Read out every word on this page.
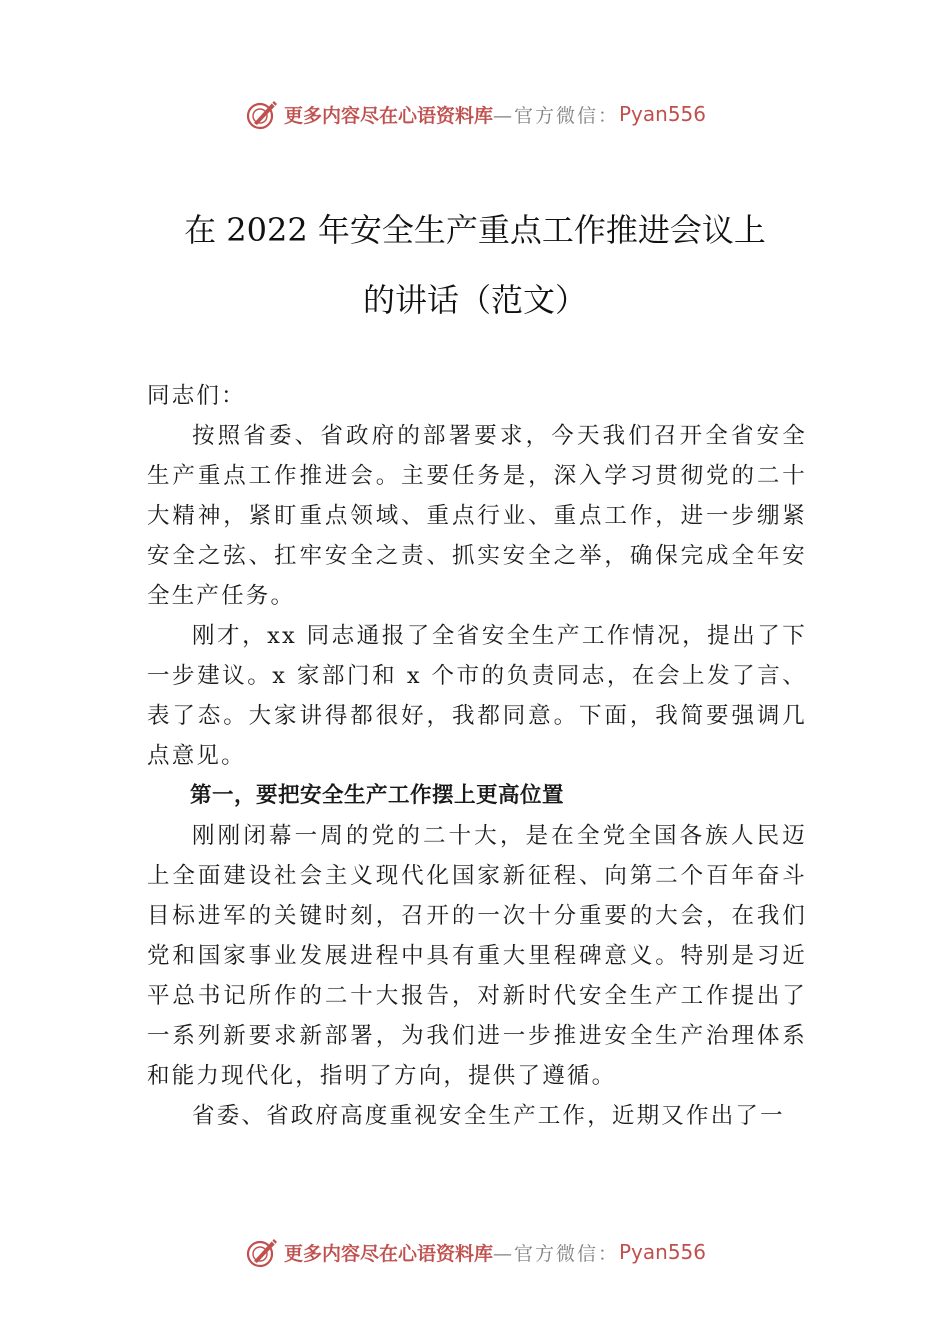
更多内容尽在心语资料库 —官方微信： Pyan556
在 2022 年安全生产重点工作推进会议上
的讲话（范文）

同志们：

按照省委、省政府的部署要求，今天我们召开全省安全生产重点工作推进会。主要任务是，深入学习贯彻党的二十大精神，紧盯重点领域、重点行业、重点工作，进一步绷紧安全之弦、扛牢安全之责、抓实安全之举，确保完成全年安全生产任务。

刚才，xx 同志通报了全省安全生产工作情况，提出了下一步建议。x 家部门和 x 个市的负责同志，在会上发了言、表了态。大家讲得都很好，我都同意。下面，我简要强调几点意见。

第一，要把安全生产工作摆上更高位置

刚刚闭幕一周的党的二十大，是在全党全国各族人民迈上全面建设社会主义现代化国家新征程、向第二个百年奋斗目标进军的关键时刻，召开的一次十分重要的大会，在我们党和国家事业发展进程中具有重大里程碑意义。特别是习近平总书记所作的二十大报告，对新时代安全生产工作提出了一系列新要求新部署，为我们进一步推进安全生产治理体系和能力现代化，指明了方向，提供了遵循。

省委、省政府高度重视安全生产工作，近期又作出了一

更多内容尽在心语资料库 —官方微信： Pyan556
